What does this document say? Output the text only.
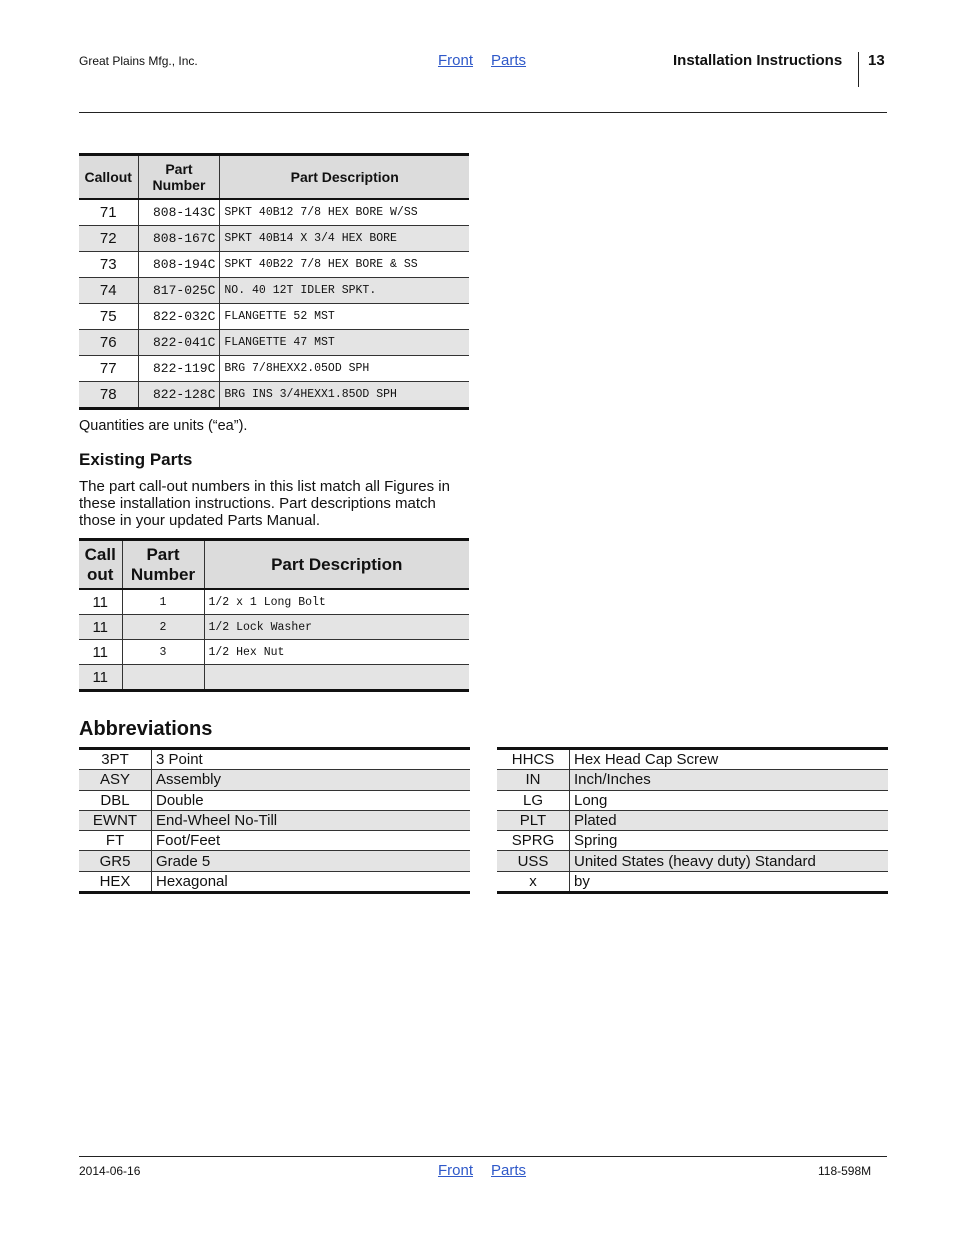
Great Plains Mfg., Inc.	Front Parts	Installation Instructions 13
Callout	Part Number	Part Description
71	808-143C	SPKT 40B12 7/8 HEX BORE W/SS
72	808-167C	SPKT 40B14 X 3/4 HEX BORE
73	808-194C	SPKT 40B22 7/8 HEX BORE & SS
74	817-025C	NO. 40 12T IDLER SPKT.
75	822-032C	FLANGETTE 52 MST
76	822-041C	FLANGETTE 47 MST
77	822-119C	BRG 7/8HEXX2.05OD SPH
78	822-128C	BRG INS 3/4HEXX1.85OD SPH
Quantities are units (“ea”).
Existing Parts
The part call-out numbers in this list match all Figures in these installation instructions. Part descriptions match those in your updated Parts Manual.
Call out	Part Number	Part Description
11	1	1/2 x 1 Long Bolt
11	2	1/2 Lock Washer
11	3	1/2 Hex Nut
11		
Abbreviations
3PT	3 Point
ASY	Assembly
DBL	Double
EWNT	End-Wheel No-Till
FT	Foot/Feet
GR5	Grade 5
HEX	Hexagonal
HHCS	Hex Head Cap Screw
IN	Inch/Inches
LG	Long
PLT	Plated
SPRG	Spring
USS	United States (heavy duty) Standard
x	by
2014-06-16	Front Parts	118-598M
